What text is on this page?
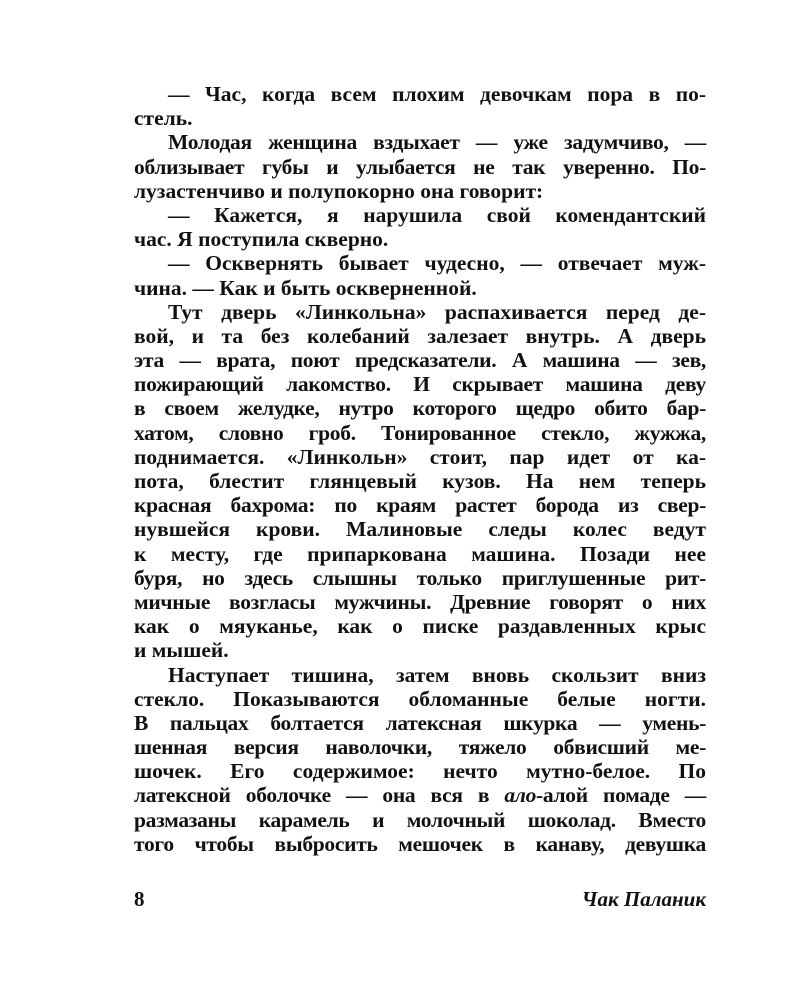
— Час, когда всем плохим девочкам пора в по-
стель.
Молодая женщина вздыхает — уже задумчиво, —
облизывает губы и улыбается не так уверенно. По-
лузастенчиво и полупокорно она говорит:
— Кажется, я нарушила свой комендантский
час. Я поступила скверно.
— Осквернять бывает чудесно, — отвечает муж-
чина. — Как и быть оскверненной.
Тут дверь «Линкольна» распахивается перед де-
вой, и та без колебаний залезает внутрь. А дверь
эта — врата, поют предсказатели. А машина — зев,
пожирающий лакомство. И скрывает машина деву
в своем желудке, нутро которого щедро обито бар-
хатом, словно гроб. Тонированное стекло, жужжа,
поднимается. «Линкольн» стоит, пар идет от ка-
пота, блестит глянцевый кузов. На нем теперь
красная бахрома: по краям растет борода из свер-
нувшейся крови. Малиновые следы колес ведут
к месту, где припаркована машина. Позади нее
буря, но здесь слышны только приглушенные рит-
мичные возгласы мужчины. Древние говорят о них
как о мяуканье, как о писке раздавленных крыс
и мышей.
Наступает тишина, затем вновь скользит вниз
стекло. Показываются обломанные белые ногти.
В пальцах болтается латексная шкурка — умень-
шенная версия наволочки, тяжело обвисший ме-
шочек. Его содержимое: нечто мутно-белое. По
латексной оболочке — она вся в ало-алой помаде —
размазаны карамель и молочный шоколад. Вместо
того чтобы выбросить мешочек в канаву, девушка
8	Чак Паланик
